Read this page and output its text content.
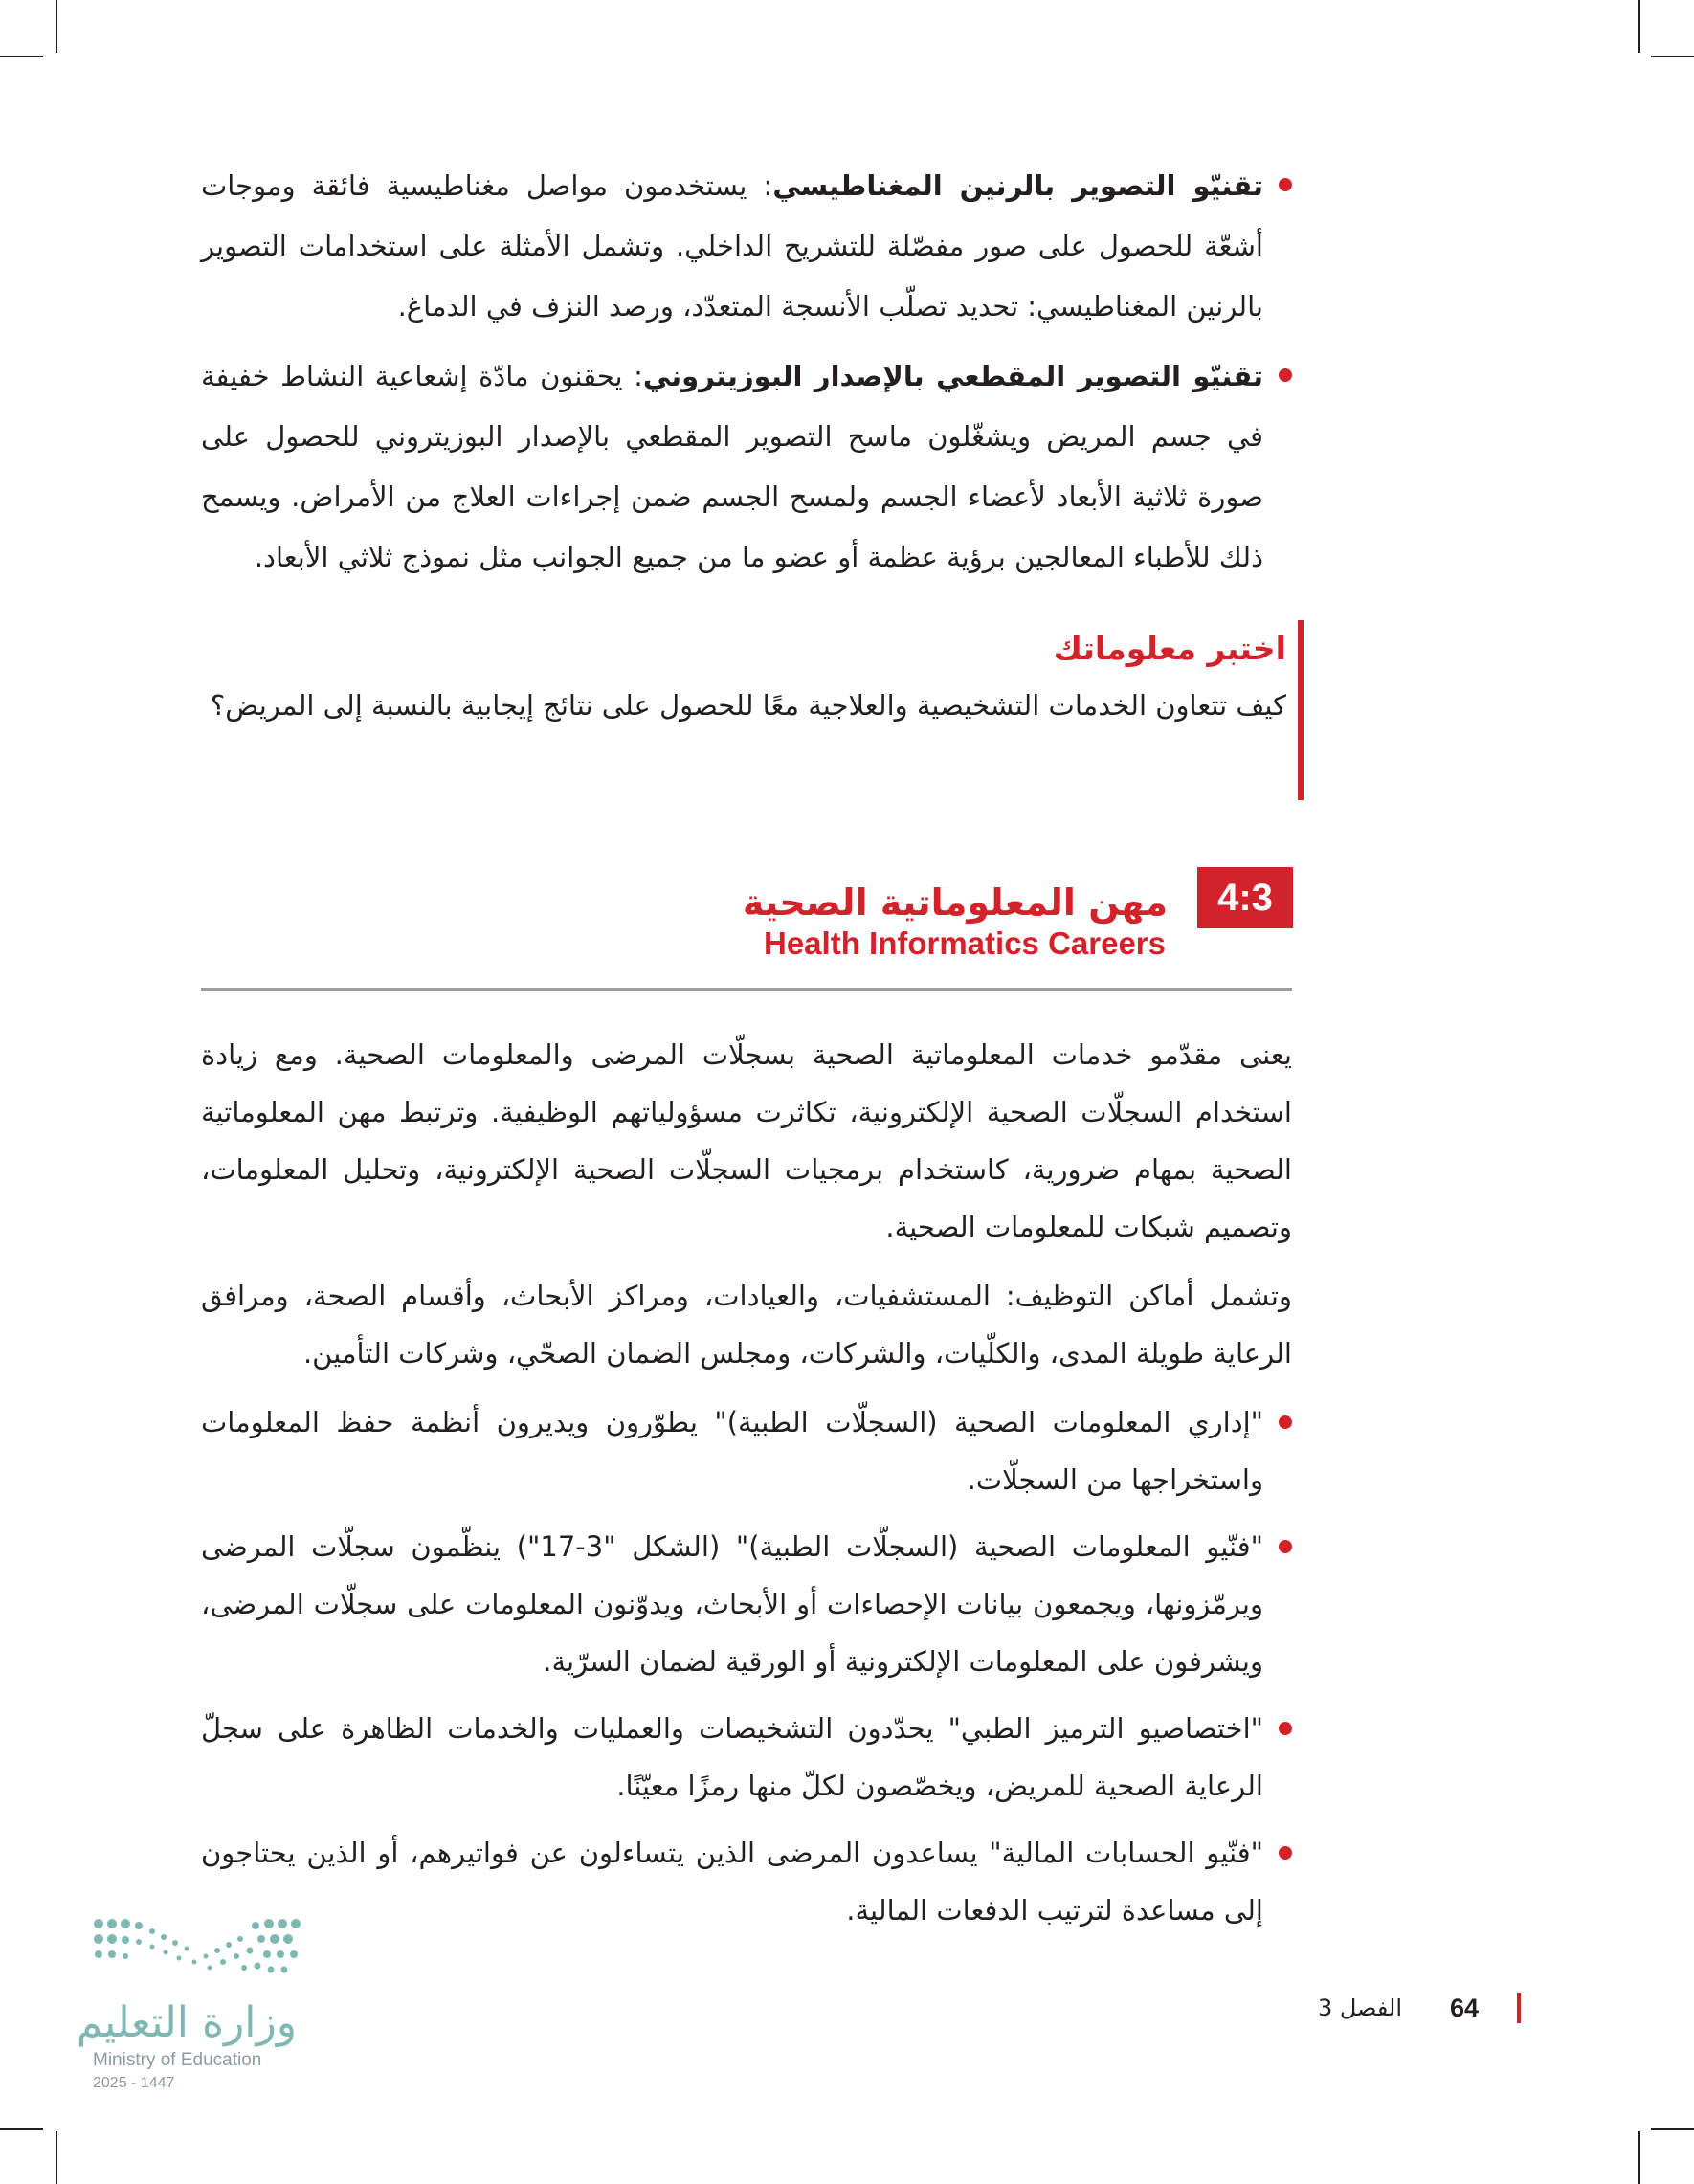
تقنيّو التصوير بالرنين المغناطيسي: يستخدمون مواصل مغناطيسية فائقة وموجات أشعّة للحصول على صور مفصّلة للتشريح الداخلي. وتشمل الأمثلة على استخدامات التصوير بالرنين المغناطيسي: تحديد تصلّب الأنسجة المتعدّد، ورصد النزف في الدماغ.
تقنيّو التصوير المقطعي بالإصدار البوزيتروني: يحقنون مادّة إشعاعية النشاط خفيفة في جسم المريض ويشغّلون ماسح التصوير المقطعي بالإصدار البوزيتروني للحصول على صورة ثلاثية الأبعاد لأعضاء الجسم ولمسح الجسم ضمن إجراءات العلاج من الأمراض. ويسمح ذلك للأطباء المعالجين برؤية عظمة أو عضو ما من جميع الجوانب مثل نموذج ثلاثي الأبعاد.

اختبر معلوماتك

كيف تتعاون الخدمات التشخيصية والعلاجية معًا للحصول على نتائج إيجابية بالنسبة إلى المريض؟

4:3
مهن المعلوماتية الصحية
Health Informatics Careers

يعنى مقدّمو خدمات المعلوماتية الصحية بسجلّات المرضى والمعلومات الصحية. ومع زيادة استخدام السجلّات الصحية الإلكترونية، تكاثرت مسؤولياتهم الوظيفية. وترتبط مهن المعلوماتية الصحية بمهام ضرورية، كاستخدام برمجيات السجلّات الصحية الإلكترونية، وتحليل المعلومات، وتصميم شبكات للمعلومات الصحية.

وتشمل أماكن التوظيف: المستشفيات، والعيادات، ومراكز الأبحاث، وأقسام الصحة، ومرافق الرعاية طويلة المدى، والكلّيات، والشركات، ومجلس الضمان الصحّي، وشركات التأمين.

"إداري المعلومات الصحية (السجلّات الطبية)" يطوّرون ويديرون أنظمة حفظ المعلومات واستخراجها من السجلّات.
"فنّيو المعلومات الصحية (السجلّات الطبية)" (الشكل "3-17") ينظّمون سجلّات المرضى ويرمّزونها، ويجمعون بيانات الإحصاءات أو الأبحاث، ويدوّنون المعلومات على سجلّات المرضى، ويشرفون على المعلومات الإلكترونية أو الورقية لضمان السرّية.
"اختصاصيو الترميز الطبي" يحدّدون التشخيصات والعمليات والخدمات الظاهرة على سجلّ الرعاية الصحية للمريض، ويخصّصون لكلّ منها رمزًا معيّنًا.
"فنّيو الحسابات المالية" يساعدون المرضى الذين يتساءلون عن فواتيرهم، أو الذين يحتاجون إلى مساعدة لترتيب الدفعات المالية.
64
الفصل 3
وزارة التعليم
Ministry of Education
2025 - 1447
